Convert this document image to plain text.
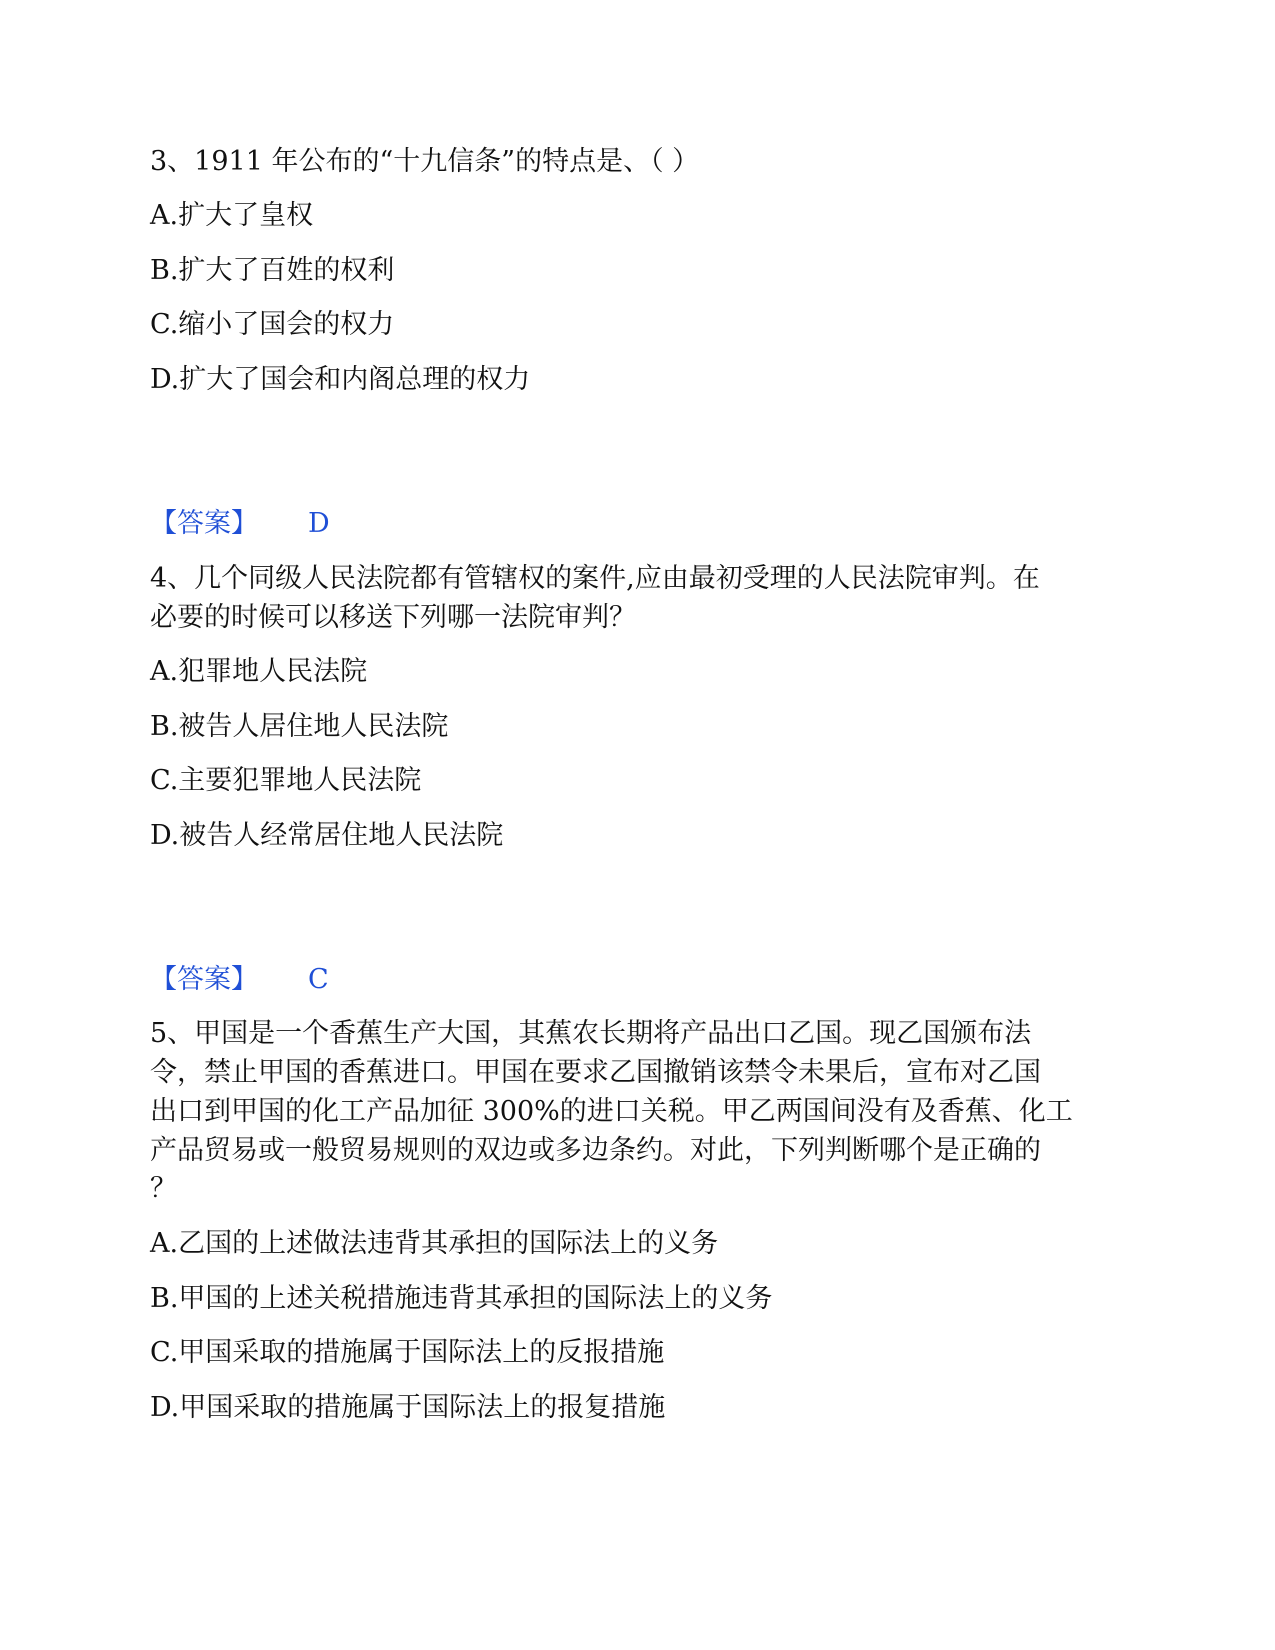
3、1911 年公布的“十九信条”的特点是、（ ）
A.扩大了皇权
B.扩大了百姓的权利
C.缩小了国会的权力
D.扩大了国会和内阁总理的权力
【答案】 D
4、几个同级人民法院都有管辖权的案件,应由最初受理的人民法院审判。在
必要的时候可以移送下列哪一法院审判？
A.犯罪地人民法院
B.被告人居住地人民法院
C.主要犯罪地人民法院
D.被告人经常居住地人民法院
【答案】 C
5、甲国是一个香蕉生产大国，其蕉农长期将产品出口乙国。现乙国颁布法
令，禁止甲国的香蕉进口。甲国在要求乙国撤销该禁令未果后，宣布对乙国
出口到甲国的化工产品加征 300%的进口关税。甲乙两国间没有及香蕉、化工
产品贸易或一般贸易规则的双边或多边条约。对此，下列判断哪个是正确的
？
A.乙国的上述做法违背其承担的国际法上的义务
B.甲国的上述关税措施违背其承担的国际法上的义务
C.甲国采取的措施属于国际法上的反报措施
D.甲国采取的措施属于国际法上的报复措施
